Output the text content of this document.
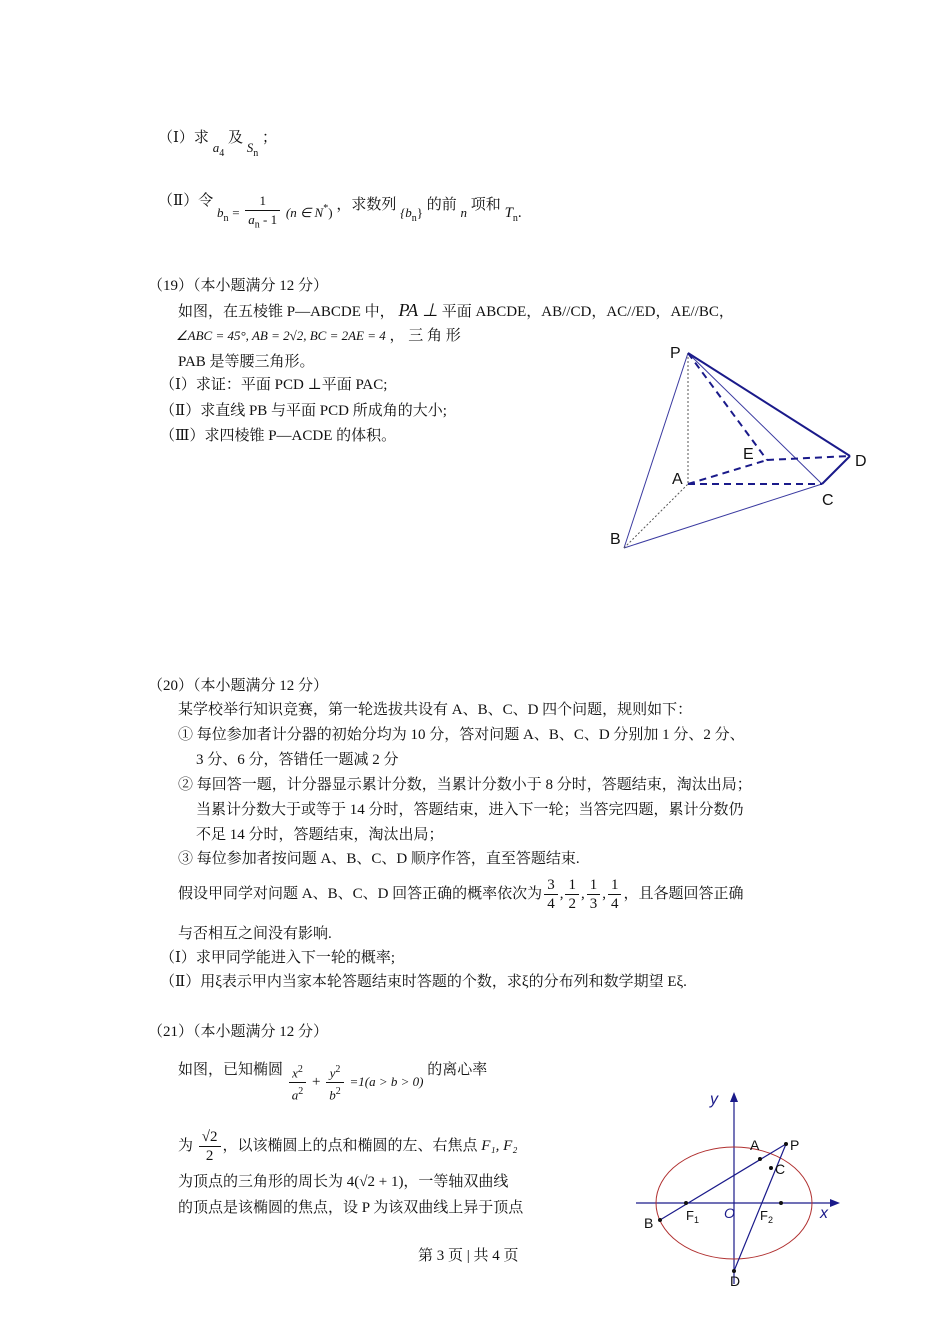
（Ⅰ）求 $a_4$ 及 $S_n$ ；
（Ⅱ）令 $b_n = \frac{1}{a_n - 1} (n$ ∈ N*) ，求数列 $\{b_n\}$ 的前 n 项和 $T_n$.
（19）（本小题满分 12 分）
如图，在五棱锥 P—ABCDE 中， PA ⊥ 平面 ABCDE，AB//CD，AC//ED，AE//BC，
∠ABC = 45°, AB = 2√2, BC = 2AE = 4 ， 三 角 形
PAB 是等腰三角形。
（Ⅰ）求证：平面 PCD ⊥平面 PAC;
（Ⅱ）求直线 PB 与平面 PCD 所成角的大小;
（Ⅲ）求四棱锥 P—ACDE 的体积。
P
E	D
A
C
B
（20）（本小题满分 12 分）
某学校举行知识竞赛，第一轮选拔共设有 A、B、C、D 四个问题，规则如下：
① 每位参加者计分器的初始分均为 10 分，答对问题 A、B、C、D 分别加 1 分、2 分、
3 分、6 分，答错任一题减 2 分
② 每回答一题，计分器显示累计分数，当累计分数小于 8 分时，答题结束，淘汰出局；
当累计分数大于或等于 14 分时，答题结束，进入下一轮；当答完四题，累计分数仍
不足 14 分时，答题结束，淘汰出局；
③ 每位参加者按问题 A、B、C、D 顺序作答，直至答题结束.
假设甲同学对问题 A、B、C、D 回答正确的概率依次为 $\frac{3}{4}$ , $\frac{1}{2}$ , $\frac{1}{3}$ , $\frac{1}{4}$ ，且各题回答正确
与否相互之间没有影响.
（Ⅰ）求甲同学能进入下一轮的概率;
（Ⅱ）用ξ表示甲内当家本轮答题结束时答题的个数，求ξ的分布列和数学期望 Eξ.
（21）（本小题满分 12 分）
如图，已知椭圆 $\frac{x^2}{a^2} + \frac{y^2}{b^2} =1(a > b > 0)$ 的离心率
为 $\frac{√2}{2}$ ，以该椭圆上的点和椭圆的左、右焦点 F₁, F₂
为顶点的三角形的周长为 4(√2 + 1)，一等轴双曲线
的顶点是该椭圆的焦点，设 P 为该双曲线上异于顶点
y
x
O
A P
C
B
D
$F_1$	$F_2$
第 3 页 | 共 4 页
